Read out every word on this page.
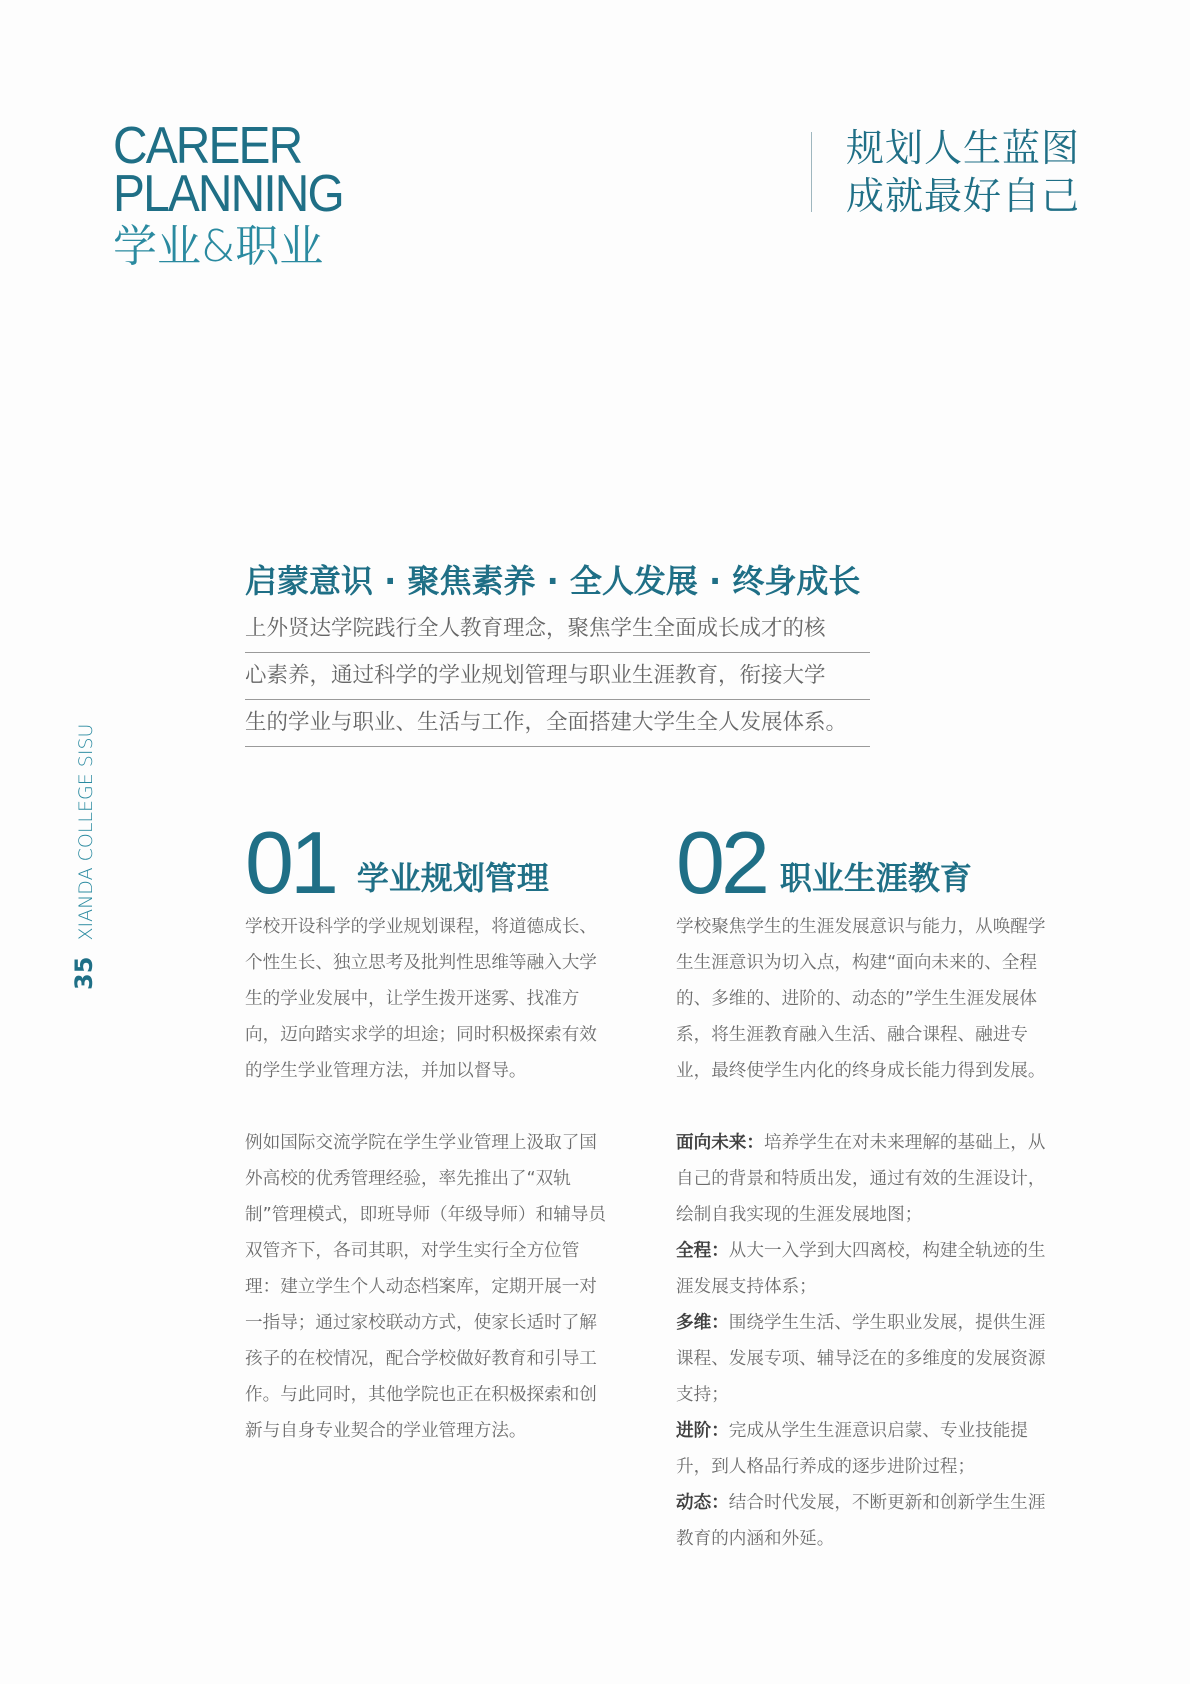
CAREER
PLANNING
学业&职业
规划人生蓝图
成就最好自己
35 XIANDA COLLEGE SISU
启蒙意识 · 聚焦素养 · 全人发展 · 终身成长
上外贤达学院践行全人教育理念，聚焦学生全面成长成才的核
心素养，通过科学的学业规划管理与职业生涯教育，衔接大学
生的学业与职业、生活与工作，全面搭建大学生全人发展体系。
01 学业规划管理

学校开设科学的学业规划课程，将道德成长、个性生长、独立思考及批判性思维等融入大学生的学业发展中，让学生拨开迷雾、找准方向，迈向踏实求学的坦途；同时积极探索有效的学生学业管理方法，并加以督导。

例如国际交流学院在学生学业管理上汲取了国外高校的优秀管理经验，率先推出了“双轨制”管理模式，即班导师（年级导师）和辅导员双管齐下，各司其职，对学生实行全方位管理：建立学生个人动态档案库，定期开展一对一指导；通过家校联动方式，使家长适时了解孩子的在校情况，配合学校做好教育和引导工作。与此同时，其他学院也正在积极探索和创新与自身专业契合的学业管理方法。

02 职业生涯教育

学校聚焦学生的生涯发展意识与能力，从唤醒学生生涯意识为切入点，构建“面向未来的、全程的、多维的、进阶的、动态的”学生生涯发展体系，将生涯教育融入生活、融合课程、融进专业，最终使学生内化的终身成长能力得到发展。

面向未来：培养学生在对未来理解的基础上，从自己的背景和特质出发，通过有效的生涯设计，绘制自我实现的生涯发展地图；

全程：从大一入学到大四离校，构建全轨迹的生涯发展支持体系；

多维：围绕学生生活、学生职业发展，提供生涯课程、发展专项、辅导泛在的多维度的发展资源支持；

进阶：完成从学生生涯意识启蒙、专业技能提升，到人格品行养成的逐步进阶过程；

动态：结合时代发展，不断更新和创新学生生涯教育的内涵和外延。
